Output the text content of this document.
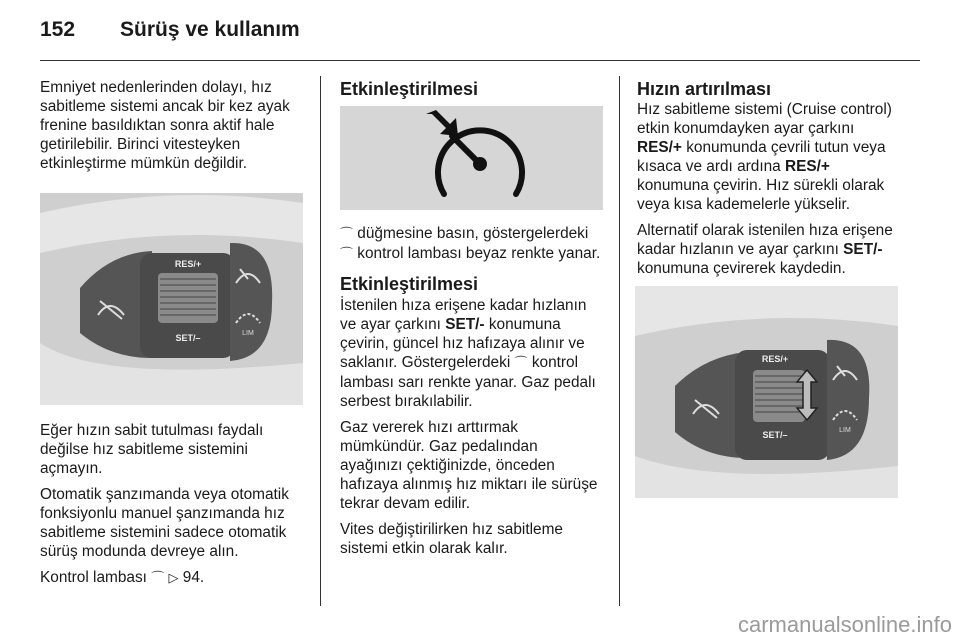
152 Sürüş ve kullanım

Emniyet nedenlerinden dolayı, hız sabitleme sistemi ancak bir kez ayak frenine basıldıktan sonra aktif hale getirilebilir. Birinci vitesteyken etkinleştirme mümkün değildir.

RES/+
SET/–	LIM

Eğer hızın sabit tutulması faydalı değilse hız sabitleme sistemini açmayın.

Otomatik şanzımanda veya otomatik fonksiyonlu manuel şanzımanda hız sabitleme sistemini sadece otomatik sürüş modunda devreye alın.

Kontrol lambası ⌒ ▷ 94.

Etkinleştirilmesi

⌒ düğmesine basın, göstergelerdeki
⌒ kontrol lambası beyaz renkte yanar.

Etkinleştirilmesi

İstenilen hıza erişene kadar hızlanın ve ayar çarkını SET/- konumuna çevirin, güncel hız hafızaya alınır ve saklanır. Göstergelerdeki ⌒ kontrol lambası sarı renkte yanar. Gaz pedalı serbest bırakılabilir.

Gaz vererek hızı arttırmak mümkündür. Gaz pedalından ayağınızı çektiğinizde, önceden hafızaya alınmış hız miktarı ile sürüşe tekrar devam edilir.

Vites değiştirilirken hız sabitleme sistemi etkin olarak kalır.

Hızın artırılması

Hız sabitleme sistemi (Cruise control) etkin konumdayken ayar çarkını RES/+ konumunda çevrili tutun veya kısaca ve ardı ardına RES/+ konumuna çevirin. Hız sürekli olarak veya kısa kademelerle yükselir.

Alternatif olarak istenilen hıza erişene kadar hızlanın ve ayar çarkını SET/- konumuna çevirerek kaydedin.

RES/+
SET/–	LIM
carmanualsonline.info
